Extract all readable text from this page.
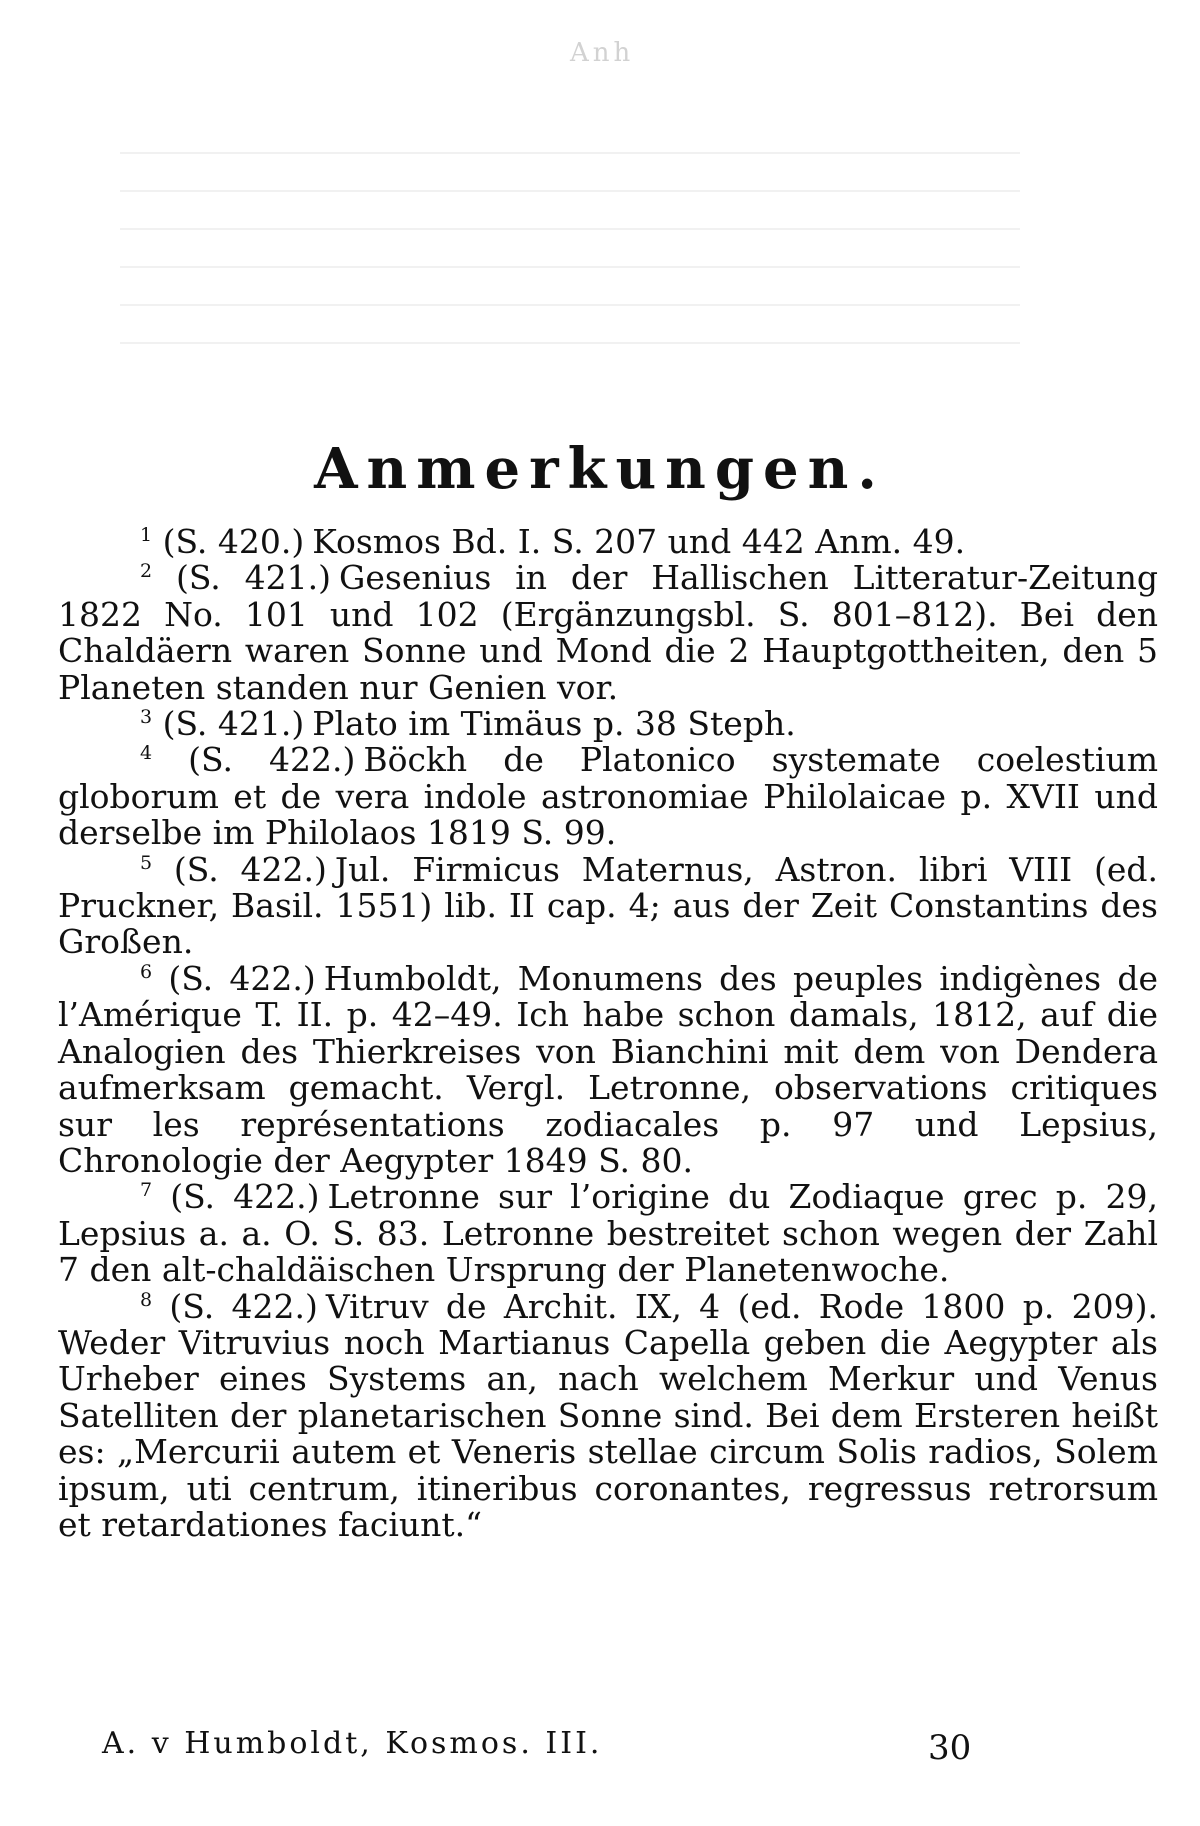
Anh
Anmerkungen.

$^1$ (S. 420.) Kosmos Bd. I. S. 207 und 442 Anm. 49.

$^2$ (S. 421.) Gesenius in der Hallischen Litteratur-Zeitung 1822 No. 101 und 102 (Ergänzungsbl. S. 801–812). Bei den Chaldäern waren Sonne und Mond die 2 Hauptgottheiten, den 5 Planeten standen nur Genien vor.

$^3$ (S. 421.) Plato im Timäus p. 38 Steph.

$^4$ (S. 422.) Böckh de Platonico systemate coelestium globorum et de vera indole astronomiae Philolaicae p. XVII und derselbe im Philolaos 1819 S. 99.

$^5$ (S. 422.) Jul. Firmicus Maternus, Astron. libri VIII (ed. Pruckner, Basil. 1551) lib. II cap. 4; aus der Zeit Constantins des Großen.

$^6$ (S. 422.) Humboldt, Monumens des peuples indigènes de l’Amérique T. II. p. 42–49. Ich habe schon damals, 1812, auf die Analogien des Thierkreises von Bianchini mit dem von Dendera aufmerksam gemacht. Vergl. Letronne, observations critiques sur les représentations zodiacales p. 97 und Lepsius, Chronologie der Aegypter 1849 S. 80.

$^7$ (S. 422.) Letronne sur l’origine du Zodiaque grec p. 29, Lepsius a. a. O. S. 83. Letronne bestreitet schon wegen der Zahl 7 den alt-chaldäischen Ursprung der Planetenwoche.

$^8$ (S. 422.) Vitruv de Archit. IX, 4 (ed. Rode 1800 p. 209). Weder Vitruvius noch Martianus Capella geben die Aegypter als Urheber eines Systems an, nach welchem Merkur und Venus Satelliten der planetarischen Sonne sind. Bei dem Ersteren heißt es: „Mercurii autem et Veneris stellae circum Solis radios, Solem ipsum, uti centrum, itineribus coronantes, regressus retrorsum et retardationes faciunt.“

A. v Humboldt, Kosmos. III.	30
